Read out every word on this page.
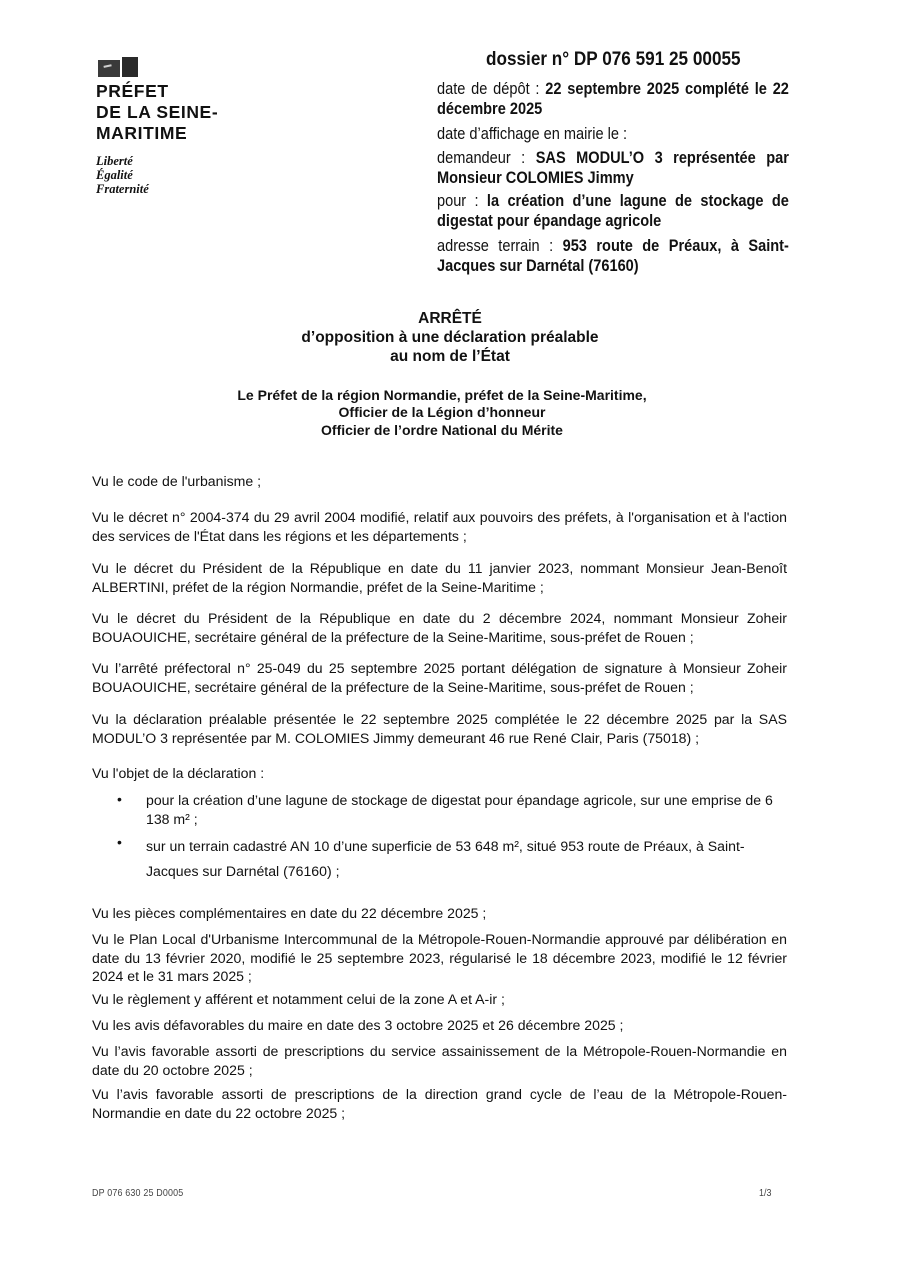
PRÉFET
DE LA SEINE-
MARITIME
Liberté
Égalité
Fraternité
dossier n° DP 076 591 25 00055
date de dépôt : 22 septembre 2025 complété le 22 décembre 2025
date d’affichage en mairie le :
demandeur : SAS MODUL’O 3 représentée par Monsieur COLOMIES Jimmy
pour : la création d’une lagune de stockage de digestat pour épandage agricole
adresse terrain : 953 route de Préaux, à Saint-Jacques sur Darnétal (76160)
ARRÊTÉ
d’opposition à une déclaration préalable
au nom de l’État
Le Préfet de la région Normandie, préfet de la Seine-Maritime,
Officier de la Légion d’honneur
Officier de l’ordre National du Mérite
Vu le code de l'urbanisme ;
Vu le décret n° 2004-374 du 29 avril 2004 modifié, relatif aux pouvoirs des préfets, à l'organisation et à l'action des services de l'État dans les régions et les départements ;
Vu le décret du Président de la République en date du 11 janvier 2023, nommant Monsieur Jean-Benoît ALBERTINI, préfet de la région Normandie, préfet de la Seine-Maritime ;
Vu le décret du Président de la République en date du 2 décembre 2024, nommant Monsieur Zoheir BOUAOUICHE, secrétaire général de la préfecture de la Seine-Maritime, sous-préfet de Rouen ;
Vu l’arrêté préfectoral n° 25-049 du 25 septembre 2025 portant délégation de signature à Monsieur Zoheir BOUAOUICHE, secrétaire général de la préfecture de la Seine-Maritime, sous-préfet de Rouen ;
Vu la déclaration préalable présentée le 22 septembre 2025 complétée le 22 décembre 2025 par la SAS MODUL’O 3 représentée par M. COLOMIES Jimmy demeurant 46 rue René Clair, Paris (75018) ;
Vu l'objet de la déclaration :
• pour la création d’une lagune de stockage de digestat pour épandage agricole, sur une emprise de 6 138 m² ;
• sur un terrain cadastré AN 10 d’une superficie de 53 648 m², situé 953 route de Préaux, à Saint-Jacques sur Darnétal (76160) ;
Vu les pièces complémentaires en date du 22 décembre 2025 ;
Vu le Plan Local d'Urbanisme Intercommunal de la Métropole-Rouen-Normandie approuvé par délibération en date du 13 février 2020, modifié le 25 septembre 2023, régularisé le 18 décembre 2023, modifié le 12 février 2024 et le 31 mars 2025 ;
Vu le règlement y afférent et notamment celui de la zone A et A-ir ;
Vu les avis défavorables du maire en date des 3 octobre 2025 et 26 décembre 2025 ;
Vu l’avis favorable assorti de prescriptions du service assainissement de la Métropole-Rouen-Normandie en date du 20 octobre 2025 ;
Vu l’avis favorable assorti de prescriptions de la direction grand cycle de l’eau de la Métropole-Rouen-Normandie en date du 22 octobre 2025 ;
DP 076 630 25 D0005	1/3
